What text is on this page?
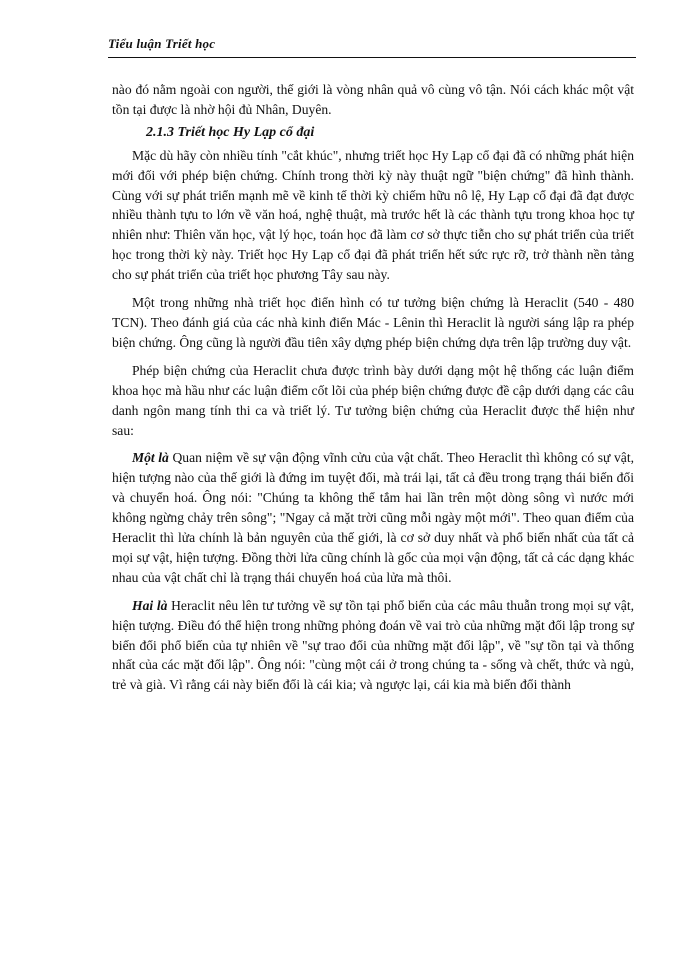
Tiểu luận Triết học

nào đó nằm ngoài con người, thế giới là vòng nhân quả vô cùng vô tận. Nói cách khác một vật tồn tại được là nhờ hội đủ Nhân, Duyên.

2.1.3 Triết học Hy Lạp cổ đại

Mặc dù hãy còn nhiều tính "cắt khúc", nhưng triết học Hy Lạp cổ đại đã có những phát hiện mới đối với phép biện chứng. Chính trong thời kỳ này thuật ngữ "biện chứng" đã hình thành. Cùng với sự phát triển mạnh mẽ về kinh tế thời kỳ chiếm hữu nô lệ, Hy Lạp cổ đại đã đạt được nhiều thành tựu to lớn về văn hoá, nghệ thuật, mà trước hết là các thành tựu trong khoa học tự nhiên như: Thiên văn học, vật lý học, toán học đã làm cơ sở thực tiễn cho sự phát triển của triết học trong thời kỳ này. Triết học Hy Lạp cổ đại đã phát triển hết sức rực rỡ, trở thành nền tảng cho sự phát triển của triết học phương Tây sau này.

Một trong những nhà triết học điển hình có tư tưởng biện chứng là Heraclit (540 - 480 TCN). Theo đánh giá của các nhà kinh điển Mác - Lênin thì Heraclit là người sáng lập ra phép biện chứng. Ông cũng là người đầu tiên xây dựng phép biện chứng dựa trên lập trường duy vật.

Phép biện chứng của Heraclit chưa được trình bày dưới dạng một hệ thống các luận điểm khoa học mà hầu như các luận điểm cốt lõi của phép biện chứng được đề cập dưới dạng các câu danh ngôn mang tính thi ca và triết lý. Tư tưởng biện chứng của Heraclit được thể hiện như sau:

Một là Quan niệm về sự vận động vĩnh cửu của vật chất. Theo Heraclit thì không có sự vật, hiện tượng nào của thế giới là đứng im tuyệt đối, mà trái lại, tất cả đều trong trạng thái biến đổi và chuyển hoá. Ông nói: "Chúng ta không thể tắm hai lần trên một dòng sông vì nước mới không ngừng chảy trên sông"; "Ngay cả mặt trời cũng mỗi ngày một mới". Theo quan điểm của Heraclit thì lửa chính là bản nguyên của thế giới, là cơ sở duy nhất và phổ biến nhất của tất cả mọi sự vật, hiện tượng. Đồng thời lửa cũng chính là gốc của mọi vận động, tất cả các dạng khác nhau của vật chất chỉ là trạng thái chuyển hoá của lửa mà thôi.

Hai là Heraclit nêu lên tư tưởng về sự tồn tại phổ biến của các mâu thuẫn trong mọi sự vật, hiện tượng. Điều đó thể hiện trong những phỏng đoán về vai trò của những mặt đối lập trong sự biến đổi phổ biến của tự nhiên về "sự trao đổi của những mặt đối lập", về "sự tồn tại và thống nhất của các mặt đối lập". Ông nói: "cùng một cái ở trong chúng ta - sống và chết, thức và ngủ, trẻ và già. Vì rằng cái này biến đổi là cái kia; và ngược lại, cái kia mà biến đổi thành
